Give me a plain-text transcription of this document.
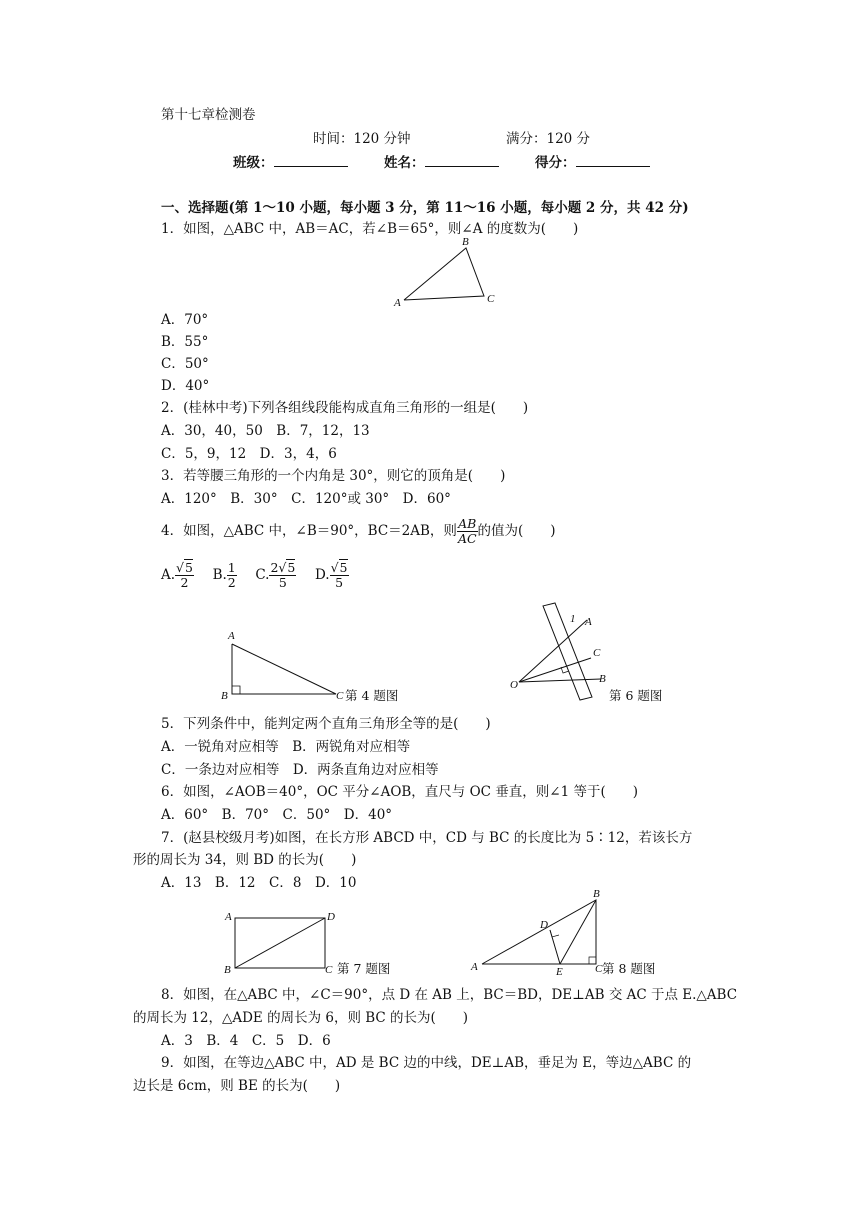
第十七章检测卷
时间：120 分钟	满分：120 分
班级：	姓名：	得分：
一、选择题(第 1～10 小题，每小题 3 分，第 11～16 小题，每小题 2 分，共 42 分)
1．如图，△ABC 中，AB＝AC，若∠B＝65°，则∠A 的度数为(　　)
A
B
C
A．70°
B．55°
C．50°
D．40°
2．(桂林中考)下列各组线段能构成直角三角形的一组是(　　)
A．30，40，50　B．7，12，13
C．5，9，12　D．3，4，6
3．若等腰三角形的一个内角是 30°，则它的顶角是(　　)
A．120°　B．30°　C．120°或 30°　D．60°
4．如图，△ABC 中，∠B＝90°，BC＝2AB，则 $\frac{AB}{AC}$ 的值为(　　)
A. $\frac{√5}{2} B$. $\frac{1}{2} C$. $\frac{2√5}{5} D$. $\frac{√5}{5}$
A
B	C 第 4 题图
1 A
C
O	B
第 6 题图
5．下列条件中，能判定两个直角三角形全等的是(　　)
A．一锐角对应相等　B．两锐角对应相等
C．一条边对应相等　D．两条直角边对应相等
6．如图，∠AOB＝40°，OC 平分∠AOB，直尺与 OC 垂直，则∠1 等于(　　)
A．60°　B．70°　C．50°　D．40°
7．(赵县校级月考)如图，在长方形 ABCD 中，CD 与 BC 的长度比为 5∶12，若该长方
形的周长为 34，则 BD 的长为(　　)
A．13　B．12　C．8　D．10
A	D
B	C 第 7 题图
B
D
A	E	C 第 8 题图
8．如图，在△ABC 中，∠C＝90°，点 D 在 AB 上，BC＝BD，DE⊥AB 交 AC 于点 E.△ABC
的周长为 12，△ADE 的周长为 6，则 BC 的长为(　　)
A．3　B．4　C．5　D．6
9．如图，在等边△ABC 中，AD 是 BC 边的中线，DE⊥AB，垂足为 E，等边△ABC 的
边长是 6cm，则 BE 的长为(　　)
